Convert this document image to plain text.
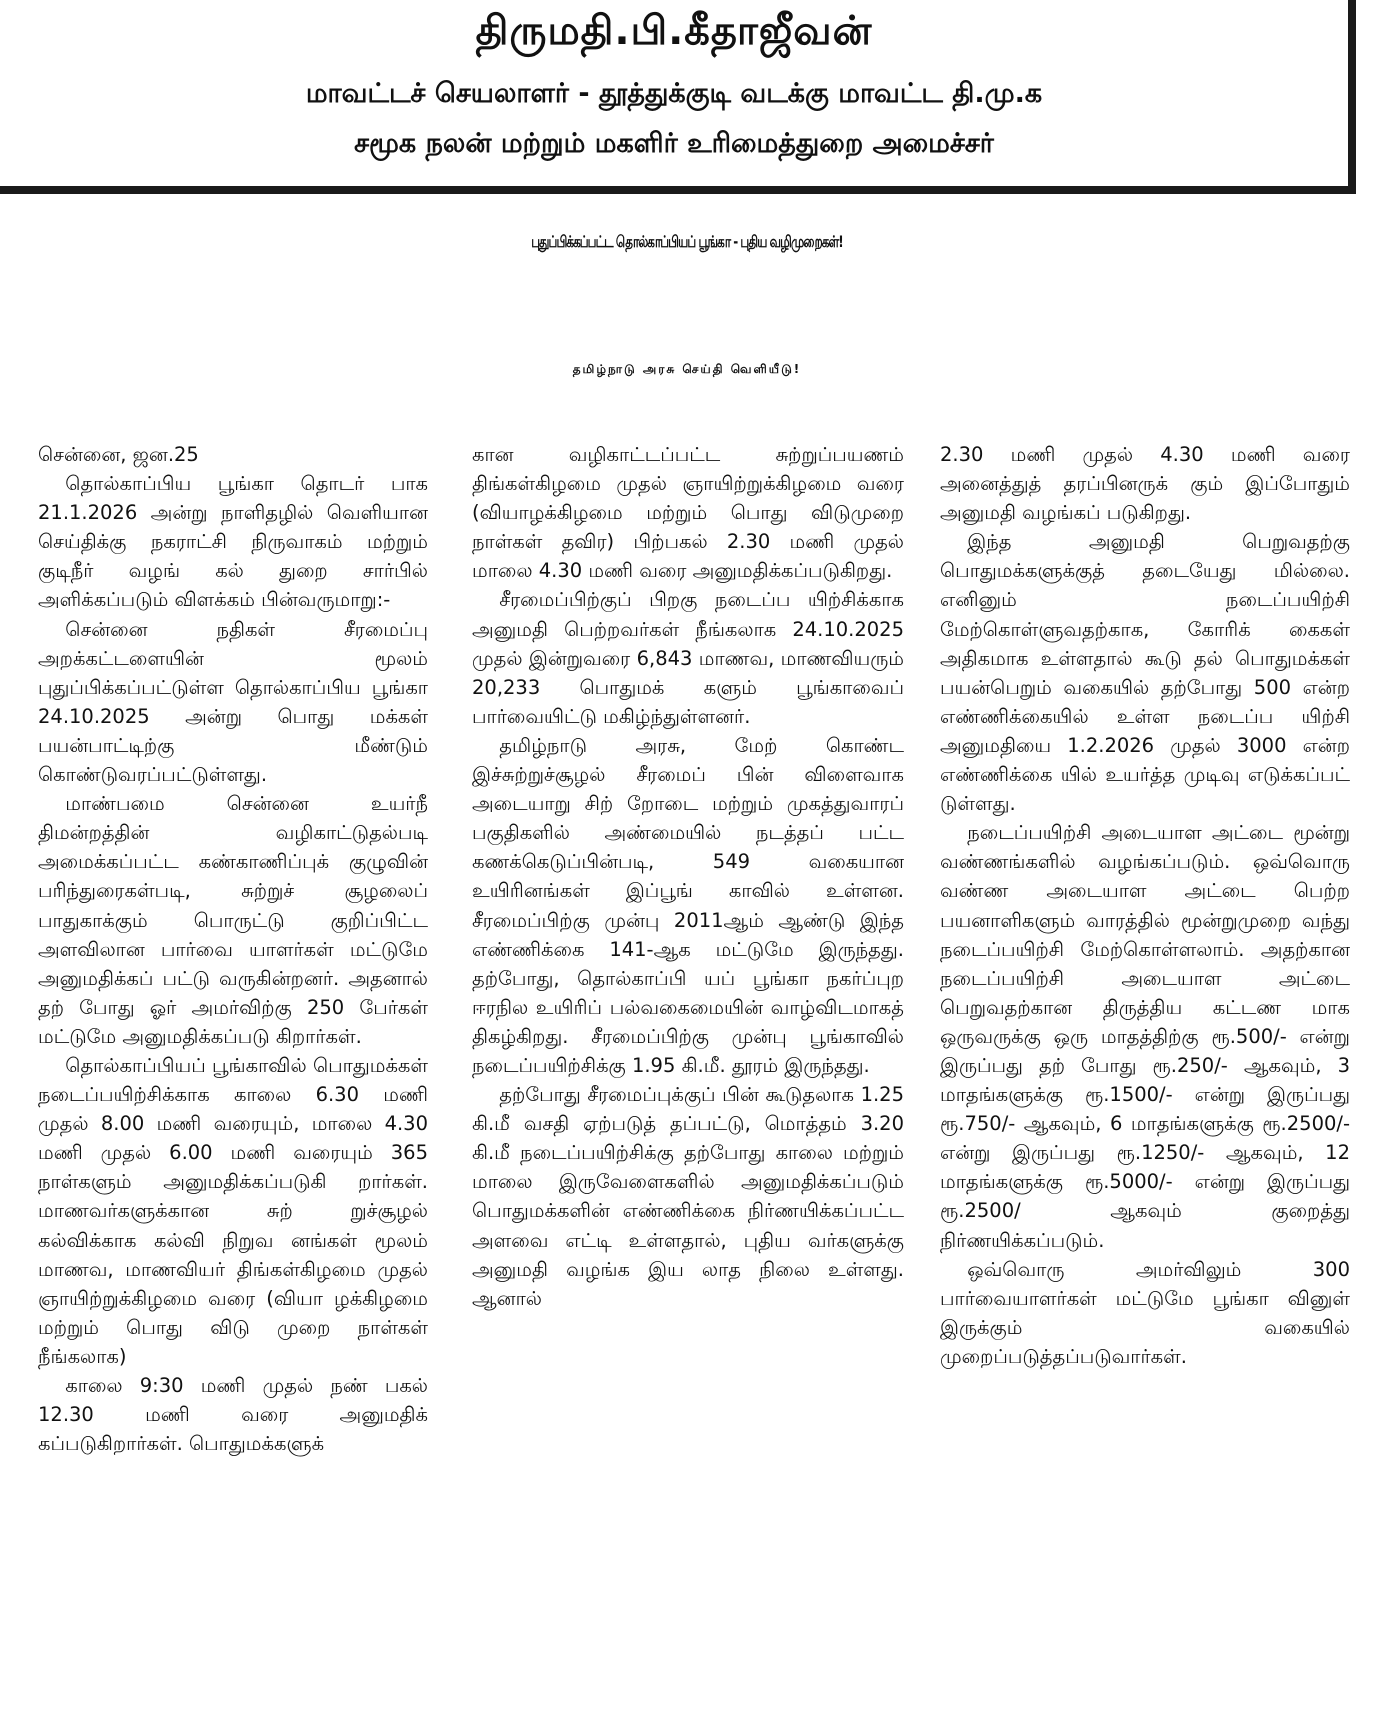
திருமதி.பி.கீதாஜீவன்
மாவட்டச் செயலாளர் - தூத்துக்குடி வடக்கு மாவட்ட தி.மு.க
சமூக நலன் மற்றும் மகளிர் உரிமைத்துறை அமைச்சர்
புதுப்பிக்கப்பட்ட தொல்காப்பியப் பூங்கா - புதிய வழிமுறைகள்!
தமிழ்நாடு அரசு செய்தி வெளியீடு!

சென்னை, ஜன.25

தொல்காப்பிய பூங்கா தொடர் பாக 21.1.2026 அன்று நாளிதழில் வெளியான செய்திக்கு நகராட்சி நிருவாகம் மற்றும் குடிநீர் வழங் கல் துறை சார்பில் அளிக்கப்படும் விளக்கம் பின்வருமாறு:-

சென்னை நதிகள் சீரமைப்பு அறக்கட்டளையின் மூலம் புதுப்பிக்கப்பட்டுள்ள தொல்காப்பிய பூங்கா 24.10.2025 அன்று பொது மக்கள் பயன்பாட்டிற்கு மீண்டும் கொண்டுவரப்பட்டுள்ளது.

மாண்பமை சென்னை உயர்நீ திமன்றத்தின் வழிகாட்டுதல்படி அமைக்கப்பட்ட கண்காணிப்புக் குழுவின் பரிந்துரைகள்படி, சுற்றுச் சூழலைப் பாதுகாக்கும் பொருட்டு குறிப்பிட்ட அளவிலான பார்வை யாளர்கள் மட்டுமே அனுமதிக்கப் பட்டு வருகின்றனர். அதனால் தற் போது ஓர் அமர்விற்கு 250 பேர்கள் மட்டுமே அனுமதிக்கப்படு கிறார்கள்.

தொல்காப்பியப் பூங்காவில் பொதுமக்கள் நடைப்பயிற்சிக்காக காலை 6.30 மணி முதல் 8.00 மணி வரையும், மாலை 4.30 மணி முதல் 6.00 மணி வரையும் 365 நாள்களும் அனுமதிக்கப்படுகி றார்கள். மாணவர்களுக்கான சுற் றுச்சூழல் கல்விக்காக கல்வி நிறுவ னங்கள் மூலம் மாணவ, மாணவியர் திங்கள்கிழமை முதல் ஞாயிற்றுக்கிழமை வரை (வியா ழக்கிழமை மற்றும் பொது விடு முறை நாள்கள் நீங்கலாக)

காலை 9:30 மணி முதல் நண் பகல் 12.30 மணி வரை அனுமதிக் கப்படுகிறார்கள். பொதுமக்களுக்

கான வழிகாட்டப்பட்ட சுற்றுப்பயணம் திங்கள்கிழமை முதல் ஞாயிற்றுக்கிழமை வரை (வியாழக்கிழமை மற்றும் பொது விடுமுறை நாள்கள் தவிர) பிற்பகல் 2.30 மணி முதல் மாலை 4.30 மணி வரை அனுமதிக்கப்படுகிறது.

சீரமைப்பிற்குப் பிறகு நடைப்ப யிற்சிக்காக அனுமதி பெற்றவர்கள் நீங்கலாக 24.10.2025 முதல் இன்றுவரை 6,843 மாணவ, மாணவியரும் 20,233 பொதுமக் களும் பூங்காவைப் பார்வையிட்டு மகிழ்ந்துள்ளனர்.

தமிழ்நாடு அரசு, மேற் கொண்ட இச்சுற்றுச்சூழல் சீரமைப் பின் விளைவாக அடையாறு சிற் றோடை மற்றும் முகத்துவாரப் பகுதிகளில் அண்மையில் நடத்தப் பட்ட கணக்கெடுப்பின்படி, 549 வகையான உயிரினங்கள் இப்பூங் காவில் உள்ளன. சீரமைப்பிற்கு முன்பு 2011ஆம் ஆண்டு இந்த எண்ணிக்கை 141-ஆக மட்டுமே இருந்தது. தற்போது, தொல்காப்பி யப் பூங்கா நகர்ப்புற ஈரநில உயிரிப் பல்வகைமையின் வாழ்விடமாகத் திகழ்கிறது. சீரமைப்பிற்கு முன்பு பூங்காவில் நடைப்பயிற்சிக்கு 1.95 கி.மீ. தூரம் இருந்தது.

தற்போது சீரமைப்புக்குப் பின் கூடுதலாக 1.25 கி.மீ வசதி ஏற்படுத் தப்பட்டு, மொத்தம் 3.20 கி.மீ நடைப்பயிற்சிக்கு தற்போது காலை மற்றும் மாலை இருவேளைகளில் அனுமதிக்கப்படும் பொதுமக்களின் எண்ணிக்கை நிர்ணயிக்கப்பட்ட அளவை எட்டி உள்ளதால், புதிய வர்களுக்கு அனுமதி வழங்க இய லாத நிலை உள்ளது. ஆனால்

2.30 மணி முதல் 4.30 மணி வரை அனைத்துத் தரப்பினருக் கும் இப்போதும் அனுமதி வழங்கப் படுகிறது.

இந்த அனுமதி பெறுவதற்கு பொதுமக்களுக்குத் தடையேது மில்லை. எனினும் நடைப்பயிற்சி மேற்கொள்ளுவதற்காக, கோரிக் கைகள் அதிகமாக உள்ளதால் கூடு தல் பொதுமக்கள் பயன்பெறும் வகையில் தற்போது 500 என்ற எண்ணிக்கையில் உள்ள நடைப்ப யிற்சி அனுமதியை 1.2.2026 முதல் 3000 என்ற எண்ணிக்கை யில் உயர்த்த முடிவு எடுக்கப்பட் டுள்ளது.

நடைப்பயிற்சி அடையாள அட்டை மூன்று வண்ணங்களில் வழங்கப்படும். ஒவ்வொரு வண்ண அடையாள அட்டை பெற்ற பயனாளிகளும் வாரத்தில் மூன்றுமுறை வந்து நடைப்பயிற்சி மேற்கொள்ளலாம். அதற்கான நடைப்பயிற்சி அடையாள அட்டை பெறுவதற்கான திருத்திய கட்டண மாக ஒருவருக்கு ஒரு மாதத்திற்கு ரூ.500/- என்று இருப்பது தற் போது ரூ.250/- ஆகவும், 3 மாதங்களுக்கு ரூ.1500/- என்று இருப்பது ரூ.750/- ஆகவும், 6 மாதங்களுக்கு ரூ.2500/- என்று இருப்பது ரூ.1250/- ஆகவும், 12 மாதங்களுக்கு ரூ.5000/- என்று இருப்பது ரூ.2500/ ஆகவும் குறைத்து நிர்ணயிக்கப்படும்.

ஒவ்வொரு அமர்விலும் 300 பார்வையாளர்கள் மட்டுமே பூங்கா வினுள் இருக்கும் வகையில் முறைப்படுத்தப்படுவார்கள்.
